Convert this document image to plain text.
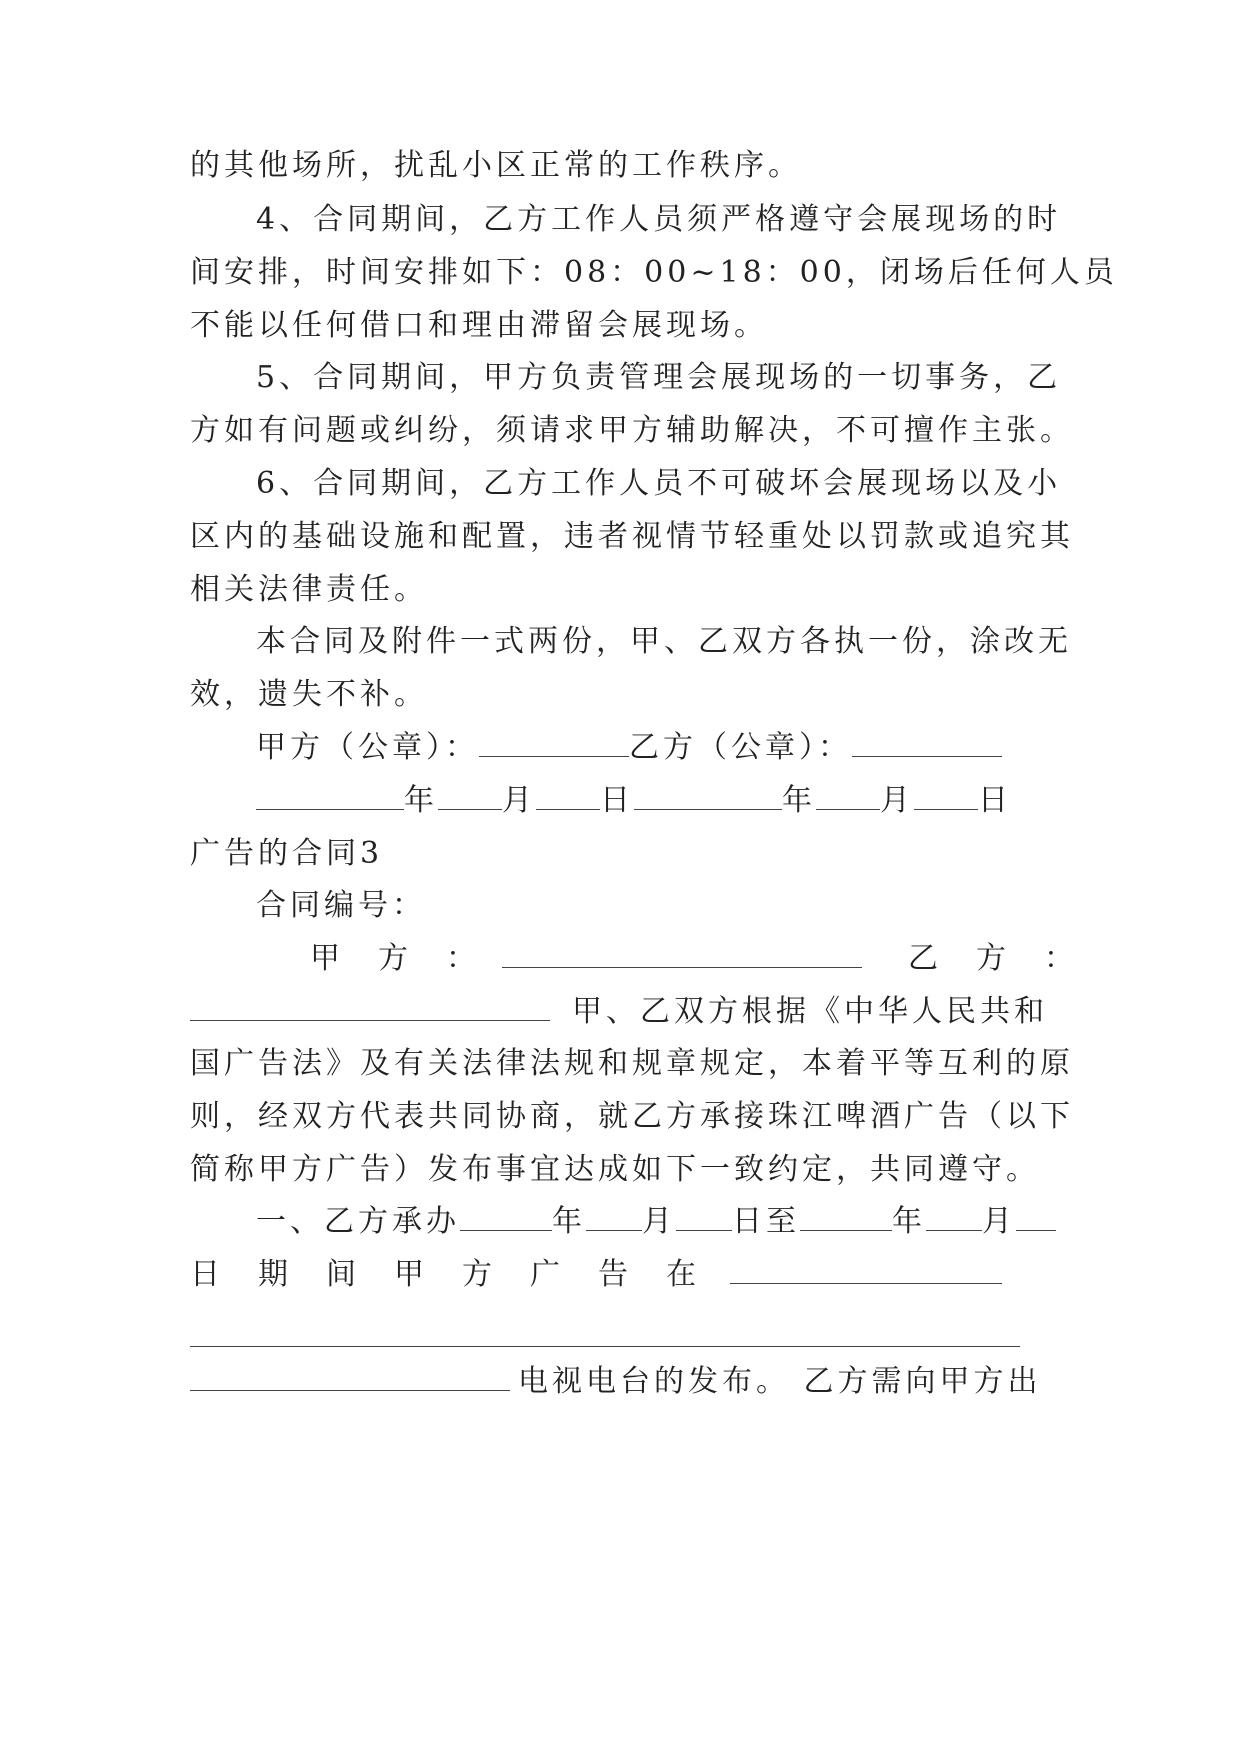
的其他场所，扰乱小区正常的工作秩序。
4、合同期间，乙方工作人员须严格遵守会展现场的时
间安排，时间安排如下：08：00~18：00，闭场后任何人员
不能以任何借口和理由滞留会展现场。
5、合同期间，甲方负责管理会展现场的一切事务，乙
方如有问题或纠纷，须请求甲方辅助解决，不可擅作主张。
6、合同期间，乙方工作人员不可破坏会展现场以及小
区内的基础设施和配置，违者视情节轻重处以罚款或追究其
相关法律责任。
本合同及附件一式两份，甲、乙双方各执一份，涂改无
效，遗失不补。
甲方（公章）：	乙方（公章）：
年 月 日	年 月 日
广告的合同3
合同编号：
甲　方　：	乙　方　：
甲、乙双方根据《中华人民共和
国广告法》及有关法律法规和规章规定，本着平等互利的原
则，经双方代表共同协商，就乙方承接珠江啤酒广告（以下
简称甲方广告）发布事宜达成如下一致约定，共同遵守。
一、乙方承办	年 月 日至	年 月
日　期　间　甲　方　广　告　在
电视电台的发布。 乙方需向甲方出
